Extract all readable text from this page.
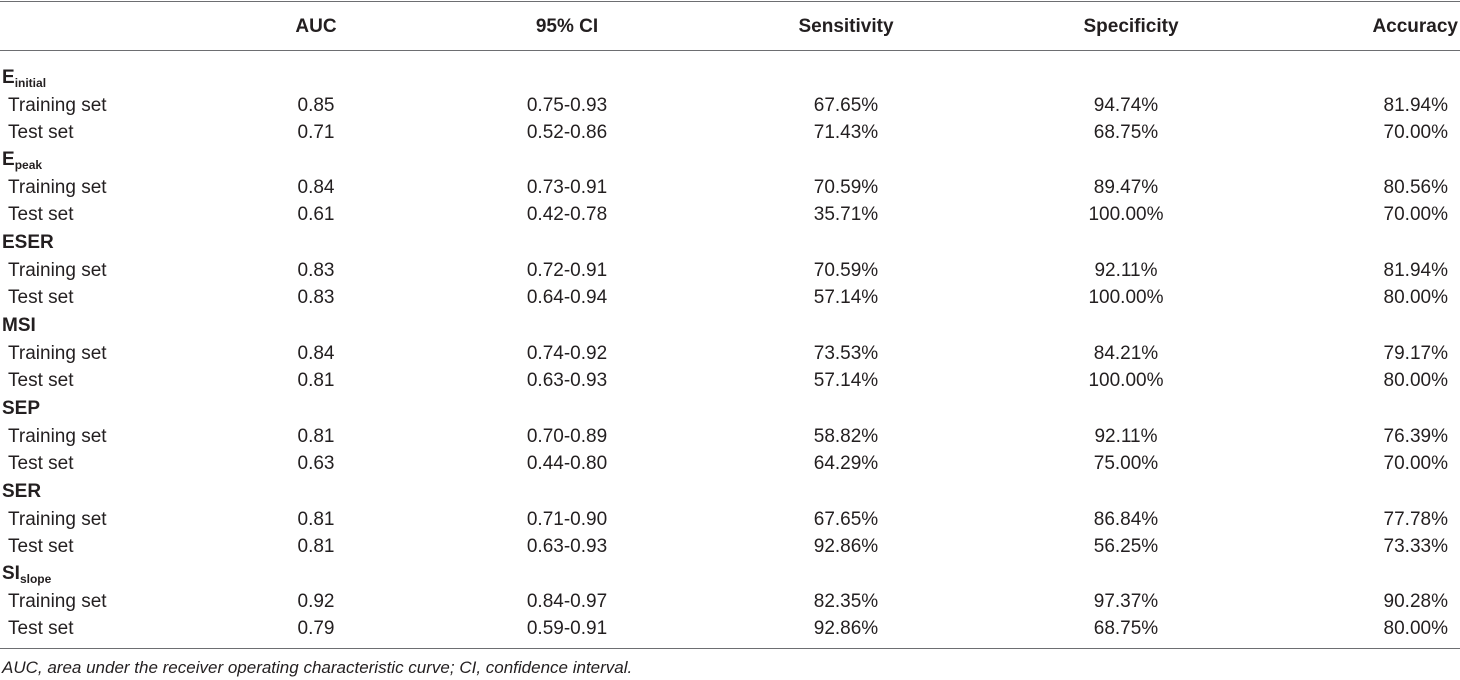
AUC	95% CI	Sensitivity	Specificity	Accuracy
$E_{initial}$
Training set	0.85	0.75-0.93	67.65%	94.74%	81.94%
Test set	0.71	0.52-0.86	71.43%	68.75%	70.00%
$E_{peak}$
Training set	0.84	0.73-0.91	70.59%	89.47%	80.56%
Test set	0.61	0.42-0.78	35.71%	100.00%	70.00%
ESER
Training set	0.83	0.72-0.91	70.59%	92.11%	81.94%
Test set	0.83	0.64-0.94	57.14%	100.00%	80.00%
MSI
Training set	0.84	0.74-0.92	73.53%	84.21%	79.17%
Test set	0.81	0.63-0.93	57.14%	100.00%	80.00%
SEP
Training set	0.81	0.70-0.89	58.82%	92.11%	76.39%
Test set	0.63	0.44-0.80	64.29%	75.00%	70.00%
SER
Training set	0.81	0.71-0.90	67.65%	86.84%	77.78%
Test set	0.81	0.63-0.93	92.86%	56.25%	73.33%
$SI_{slope}$
Training set	0.92	0.84-0.97	82.35%	97.37%	90.28%
Test set	0.79	0.59-0.91	92.86%	68.75%	80.00%
AUC, area under the receiver operating characteristic curve; CI, confidence interval.
